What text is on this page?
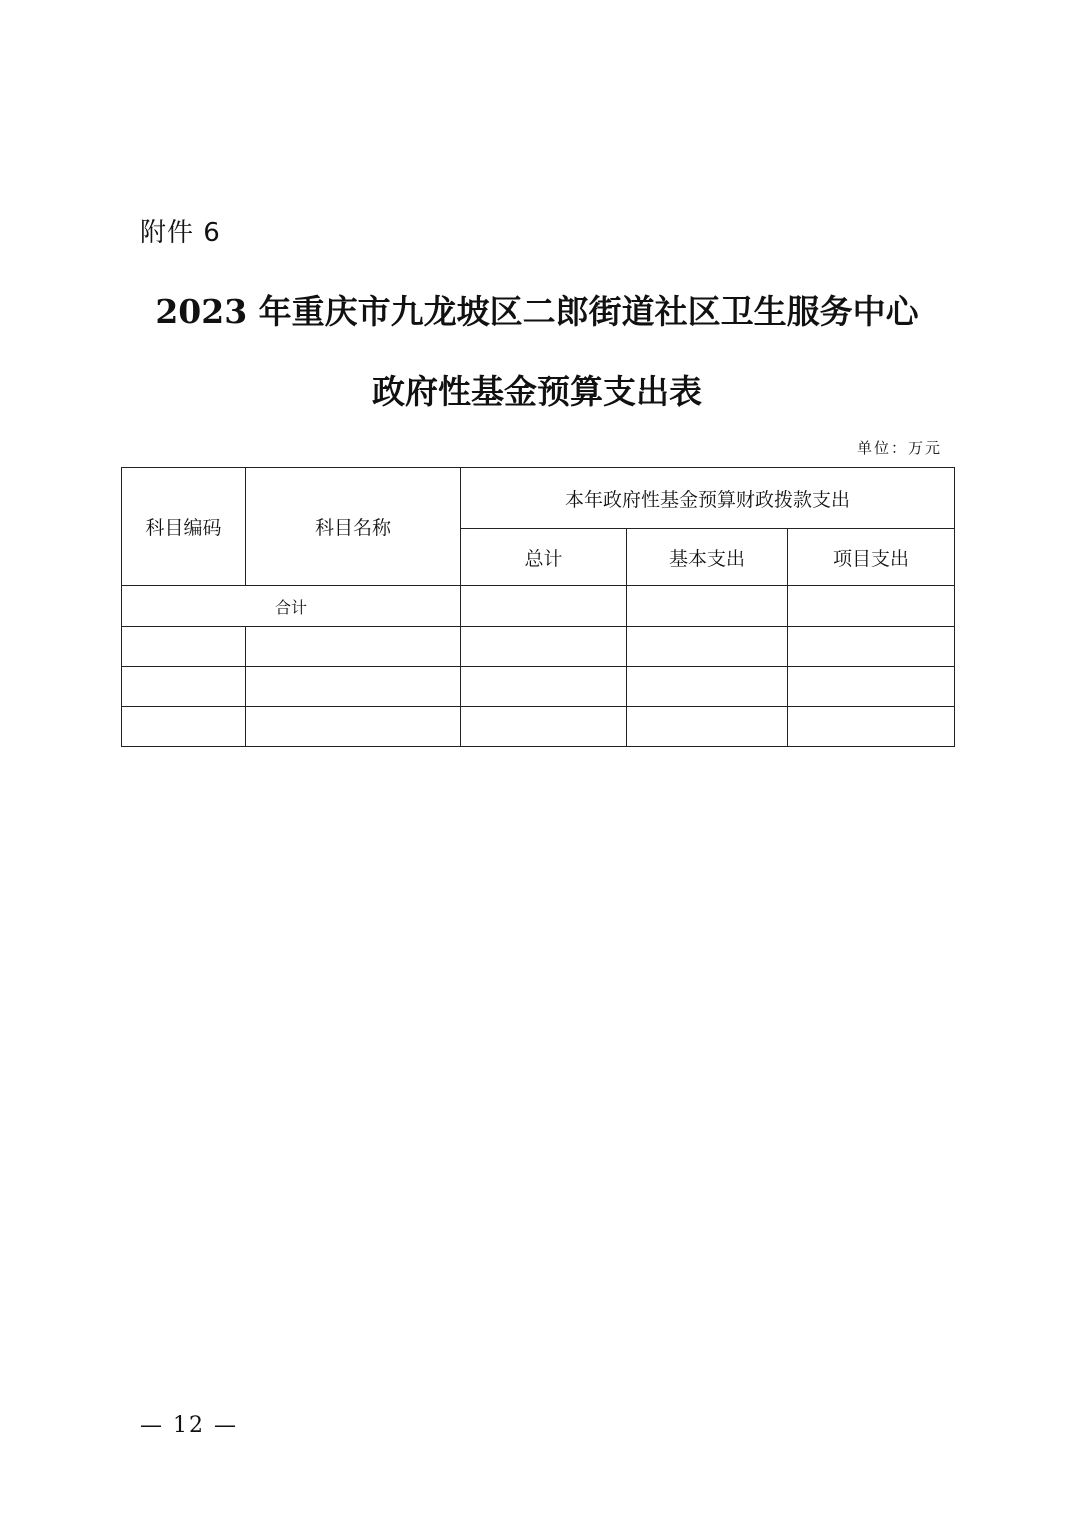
附件 6
2023 年重庆市九龙坡区二郎街道社区卫生服务中心
政府性基金预算支出表
单位：万元
科目编码	科目名称	本年政府性基金预算财政拨款支出		
		总计	基本支出	项目支出
合计				

— 12 —
